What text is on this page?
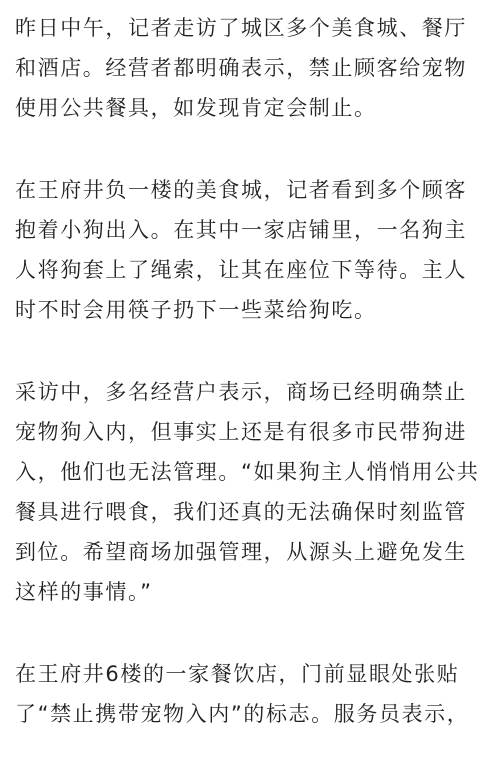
昨日中午，记者走访了城区多个美食城、餐厅
和酒店。经营者都明确表示，禁止顾客给宠物
使用公共餐具，如发现肯定会制止。
在王府井负一楼的美食城，记者看到多个顾客
抱着小狗出入。在其中一家店铺里，一名狗主
人将狗套上了绳索，让其在座位下等待。主人
时不时会用筷子扔下一些菜给狗吃。
采访中，多名经营户表示，商场已经明确禁止
宠物狗入内，但事实上还是有很多市民带狗进
入，他们也无法管理。“如果狗主人悄悄用公共
餐具进行喂食，我们还真的无法确保时刻监管
到位。希望商场加强管理，从源头上避免发生
这样的事情。”
在王府井6楼的一家餐饮店，门前显眼处张贴
了“禁止携带宠物入内”的标志。服务员表示，
